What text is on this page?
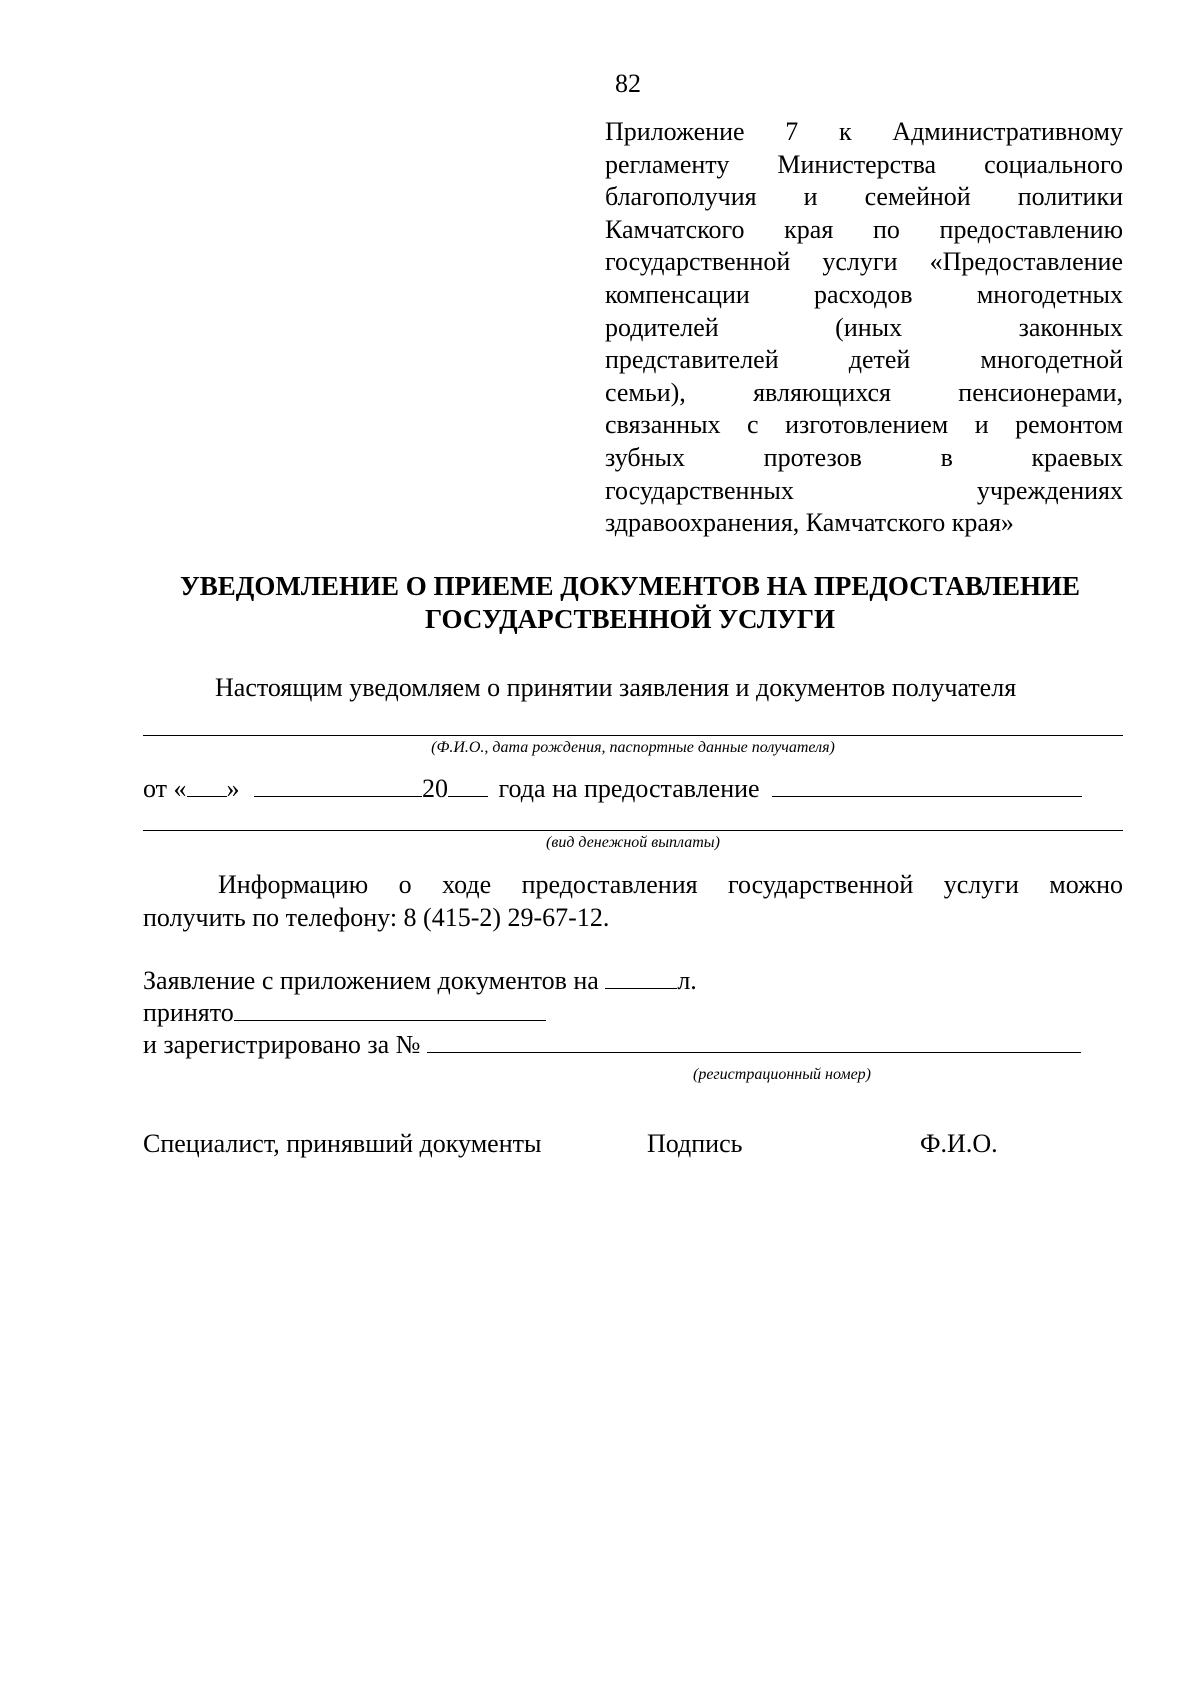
82
Приложение 7 к Административному
регламенту Министерства социального
благополучия и семейной политики
Камчатского края по предоставлению
государственной услуги «Предоставление
компенсации расходов многодетных
родителей (иных законных
представителей детей многодетной
семьи), являющихся пенсионерами,
связанных с изготовлением и ремонтом
зубных протезов в краевых
государственных учреждениях
здравоохранения, Камчатского края»
УВЕДОМЛЕНИЕ О ПРИЕМЕ ДОКУМЕНТОВ НА ПРЕДОСТАВЛЕНИЕ
ГОСУДАРСТВЕННОЙ УСЛУГИ
Настоящим уведомляем о принятии заявления и документов получателя
(Ф.И.О., дата рождения, паспортные данные получателя)
от « »	20 года на предоставление
(вид денежной выплаты)
Информацию о ходе предоставления государственной услуги можно
получить по телефону: 8 (415-2) 29-67-12.
Заявление с приложением документов на	л.
принято
и зарегистрировано за №
(регистрационный номер)
Специалист, принявший документы	Подпись	Ф.И.О.
